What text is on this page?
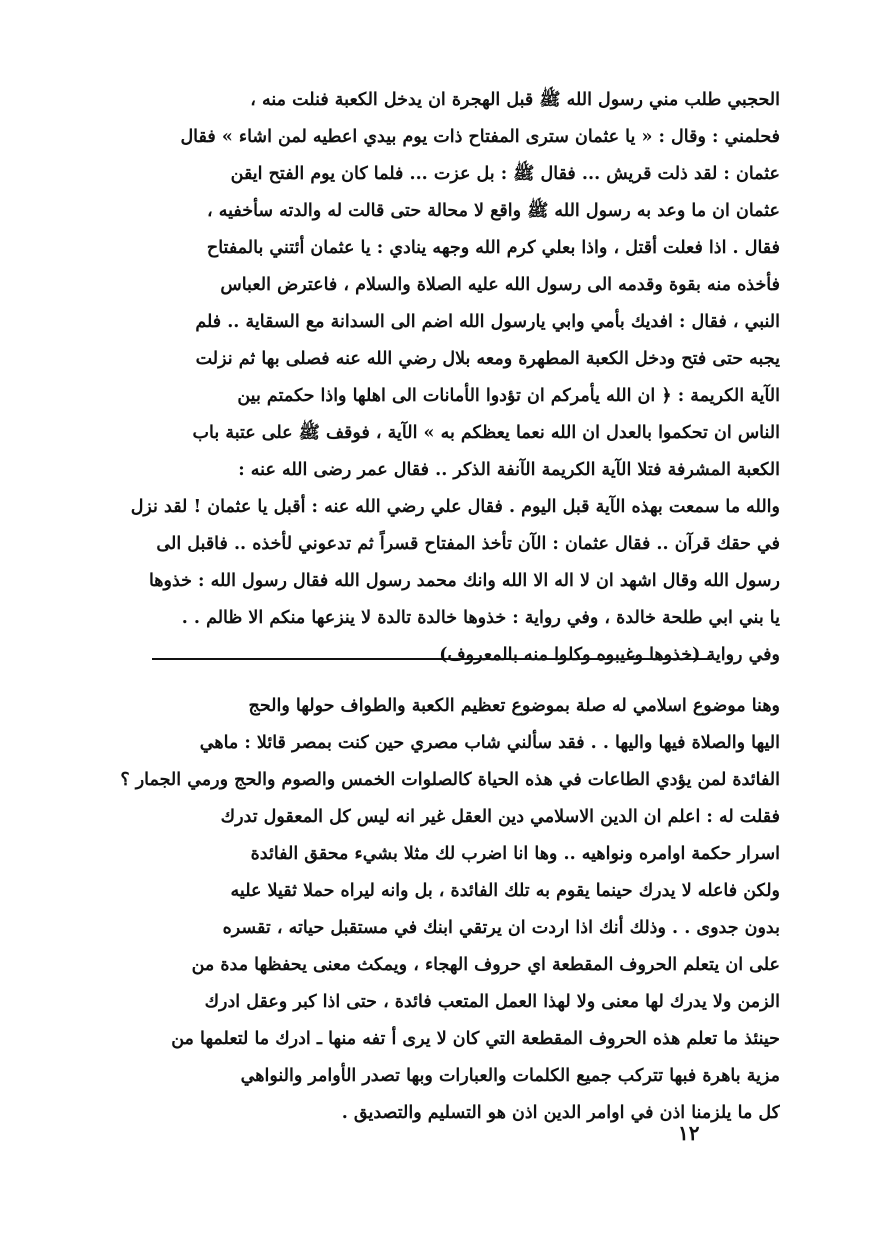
الحجبي طلب مني رسول الله ﷺ قبل الهجرة ان يدخل الكعبة فنلت منه ،
فحلمني : وقال : « يا عثمان سترى المفتاح ذات يوم بيدي اعطيه لمن اشاء » فقال
عثمان : لقد ذلت قريش ... فقال ﷺ : بل عزت ... فلما كان يوم الفتح ايقن
عثمان ان ما وعد به رسول الله ﷺ واقع لا محالة حتى قالت له والدته سأخفيه ،
فقال . اذا فعلت أقتل ، واذا بعلي كرم الله وجهه ينادي : يا عثمان أئتني بالمفتاح
فأخذه منه بقوة وقدمه الى رسول الله عليه الصلاة والسلام ، فاعترض العباس
النبي ، فقال : افديك بأمي وابي يارسول الله اضم الى السدانة مع السقاية .. فلم
يجبه حتى فتح ودخل الكعبة المطهرة ومعه بلال رضي الله عنه فصلى بها ثم نزلت
الآية الكريمة : ﴿ ان الله يأمركم ان تؤدوا الأمانات الى اهلها واذا حكمتم بين
الناس ان تحكموا بالعدل ان الله نعما يعظكم به » الآية ، فوقف ﷺ على عتبة باب
الكعبة المشرفة فتلا الآية الكريمة الآنفة الذكر .. فقال عمر رضى الله عنه :
والله ما سمعت بهذه الآية قبل اليوم . فقال علي رضي الله عنه : أقبل يا عثمان ! لقد نزل
في حقك قرآن .. فقال عثمان : الآن تأخذ المفتاح قسراً ثم تدعوني لأخذه .. فاقبل الى
رسول الله وقال اشهد ان لا اله الا الله وانك محمد رسول الله فقال رسول الله : خذوها
يا بني ابي طلحة خالدة ، وفي رواية : خذوها خالدة تالدة لا ينزعها منكم الا ظالم . .
وفي رواية (خذوها وغيبوه وكلوا منه بالمعروف)
وهنا موضوع اسلامي له صلة بموضوع تعظيم الكعبة والطواف حولها والحج
اليها والصلاة فيها واليها . . فقد سألني شاب مصري حين كنت بمصر قائلا : ماهي
الفائدة لمن يؤدي الطاعات في هذه الحياة كالصلوات الخمس والصوم والحج ورمي الجمار ؟
فقلت له : اعلم ان الدين الاسلامي دين العقل غير انه ليس كل المعقول تدرك
اسرار حكمة اوامره ونواهيه .. وها انا اضرب لك مثلا بشيء محقق الفائدة
ولكن فاعله لا يدرك حينما يقوم به تلك الفائدة ، بل وانه ليراه حملا ثقيلا عليه
بدون جدوى . . وذلك أنك اذا اردت ان يرتقي ابنك في مستقبل حياته ، تقسره
على ان يتعلم الحروف المقطعة اي حروف الهجاء ، ويمكث معنى يحفظها مدة من
الزمن ولا يدرك لها معنى ولا لهذا العمل المتعب فائدة ، حتى اذا كبر وعقل ادرك
حينئذ ما تعلم هذه الحروف المقطعة التي كان لا يرى أ تفه منها ـ ادرك ما لتعلمها من
مزية باهرة فبها تتركب جميع الكلمات والعبارات وبها تصدر الأوامر والنواهي
كل ما يلزمنا اذن في اوامر الدين اذن هو التسليم والتصديق .
١٢
